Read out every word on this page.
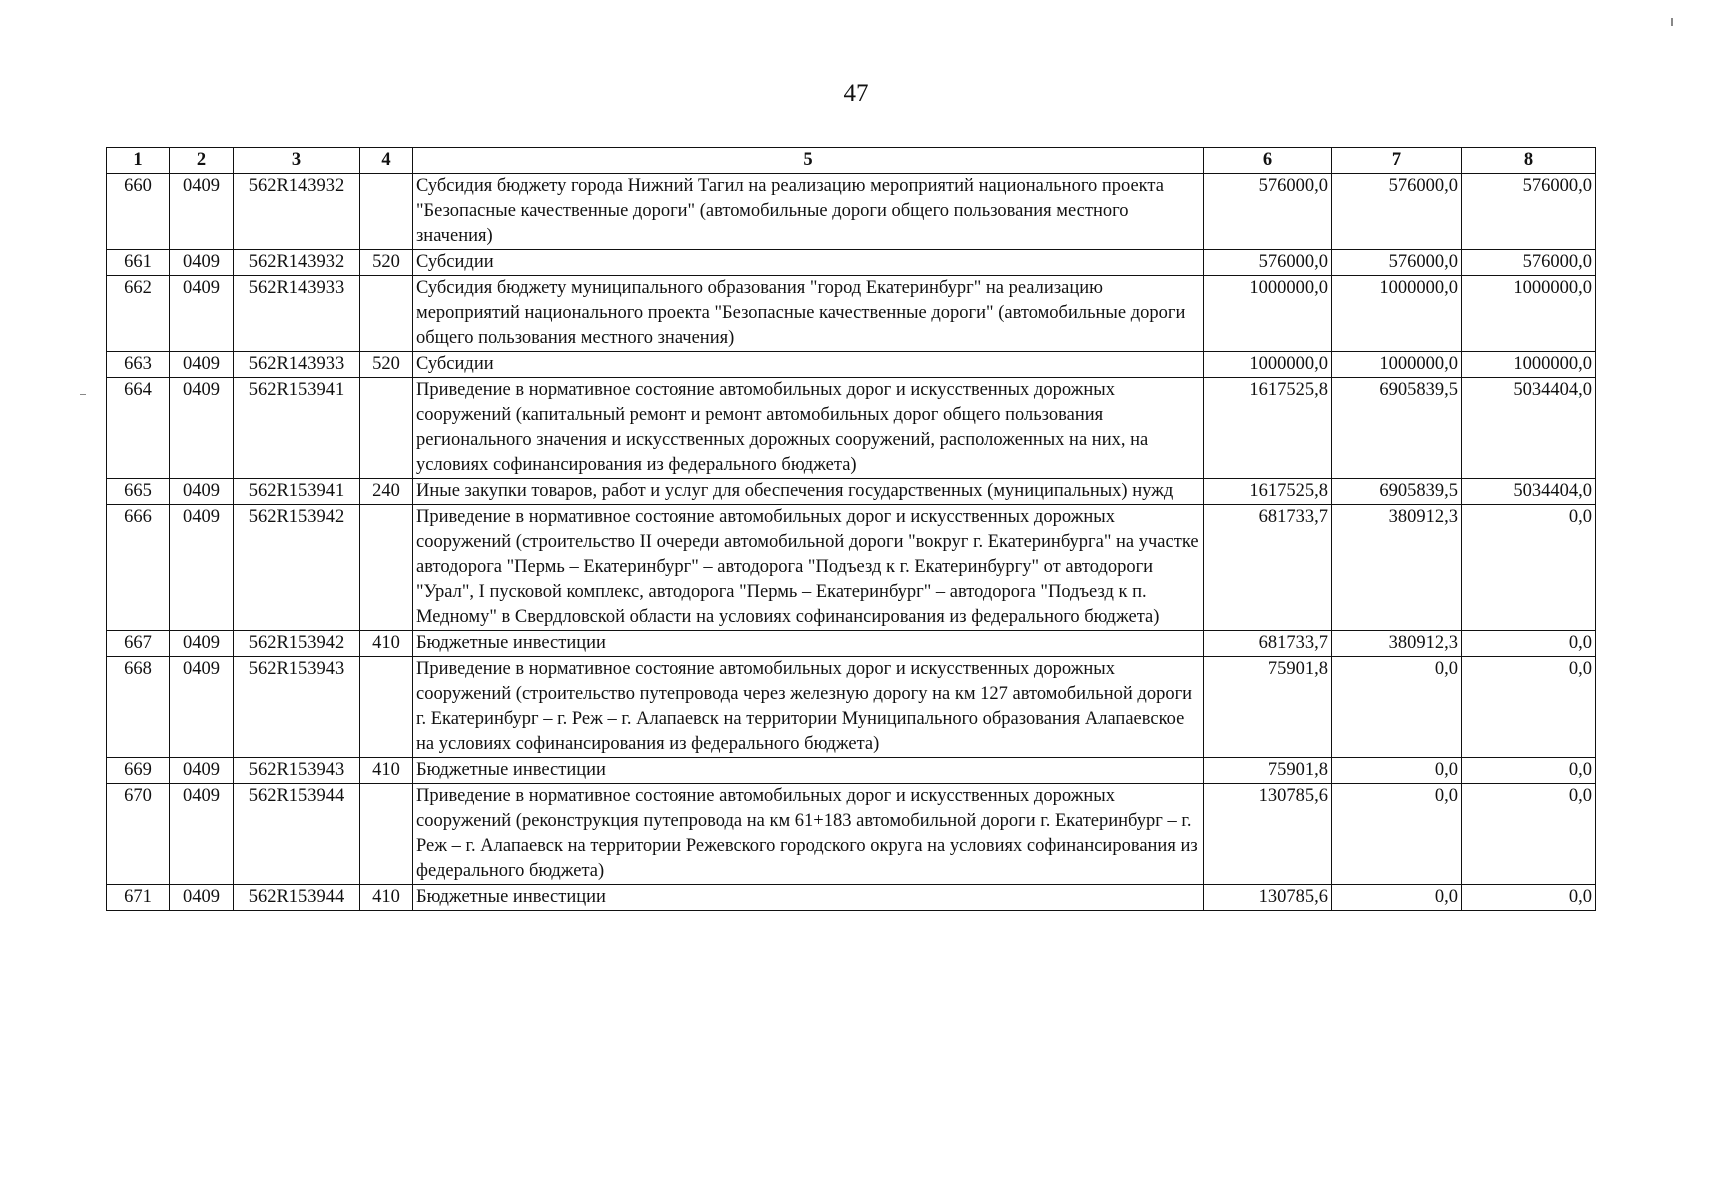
47
1	2	3	4	5	6	7	8
660	0409	562R143932		Субсидия бюджету города Нижний Тагил на реализацию мероприятий национального проекта "Безопасные качественные дороги" (автомобильные дороги общего пользования местного значения)	576000,0	576000,0	576000,0
661	0409	562R143932	520	Субсидии	576000,0	576000,0	576000,0
662	0409	562R143933		Субсидия бюджету муниципального образования "город Екатеринбург" на реализацию мероприятий национального проекта "Безопасные качественные дороги" (автомобильные дороги общего пользования местного значения)	1000000,0	1000000,0	1000000,0
663	0409	562R143933	520	Субсидии	1000000,0	1000000,0	1000000,0
664	0409	562R153941		Приведение в нормативное состояние автомобильных дорог и искусственных дорожных сооружений (капитальный ремонт и ремонт автомобильных дорог общего пользования регионального значения и искусственных дорожных сооружений, расположенных на них, на условиях софинансирования из федерального бюджета)	1617525,8	6905839,5	5034404,0
665	0409	562R153941	240	Иные закупки товаров, работ и услуг для обеспечения государственных (муниципальных) нужд	1617525,8	6905839,5	5034404,0
666	0409	562R153942		Приведение в нормативное состояние автомобильных дорог и искусственных дорожных сооружений (строительство II очереди автомобильной дороги "вокруг г. Екатеринбурга" на участке автодорога "Пермь – Екатеринбург" – автодорога "Подъезд к г. Екатеринбургу" от автодороги "Урал", I пусковой комплекс, автодорога "Пермь – Екатеринбург" – автодорога "Подъезд к п. Медному" в Свердловской области на условиях софинансирования из федерального бюджета)	681733,7	380912,3	0,0
667	0409	562R153942	410	Бюджетные инвестиции	681733,7	380912,3	0,0
668	0409	562R153943		Приведение в нормативное состояние автомобильных дорог и искусственных дорожных сооружений (строительство путепровода через железную дорогу на км 127 автомобильной дороги г. Екатеринбург – г. Реж – г. Алапаевск на территории Муниципального образования Алапаевское на условиях софинансирования из федерального бюджета)	75901,8	0,0	0,0
669	0409	562R153943	410	Бюджетные инвестиции	75901,8	0,0	0,0
670	0409	562R153944		Приведение в нормативное состояние автомобильных дорог и искусственных дорожных сооружений (реконструкция путепровода на км 61+183 автомобильной дороги г. Екатеринбург – г. Реж – г. Алапаевск на территории Режевского городского округа на условиях софинансирования из федерального бюджета)	130785,6	0,0	0,0
671	0409	562R153944	410	Бюджетные инвестиции	130785,6	0,0	0,0
